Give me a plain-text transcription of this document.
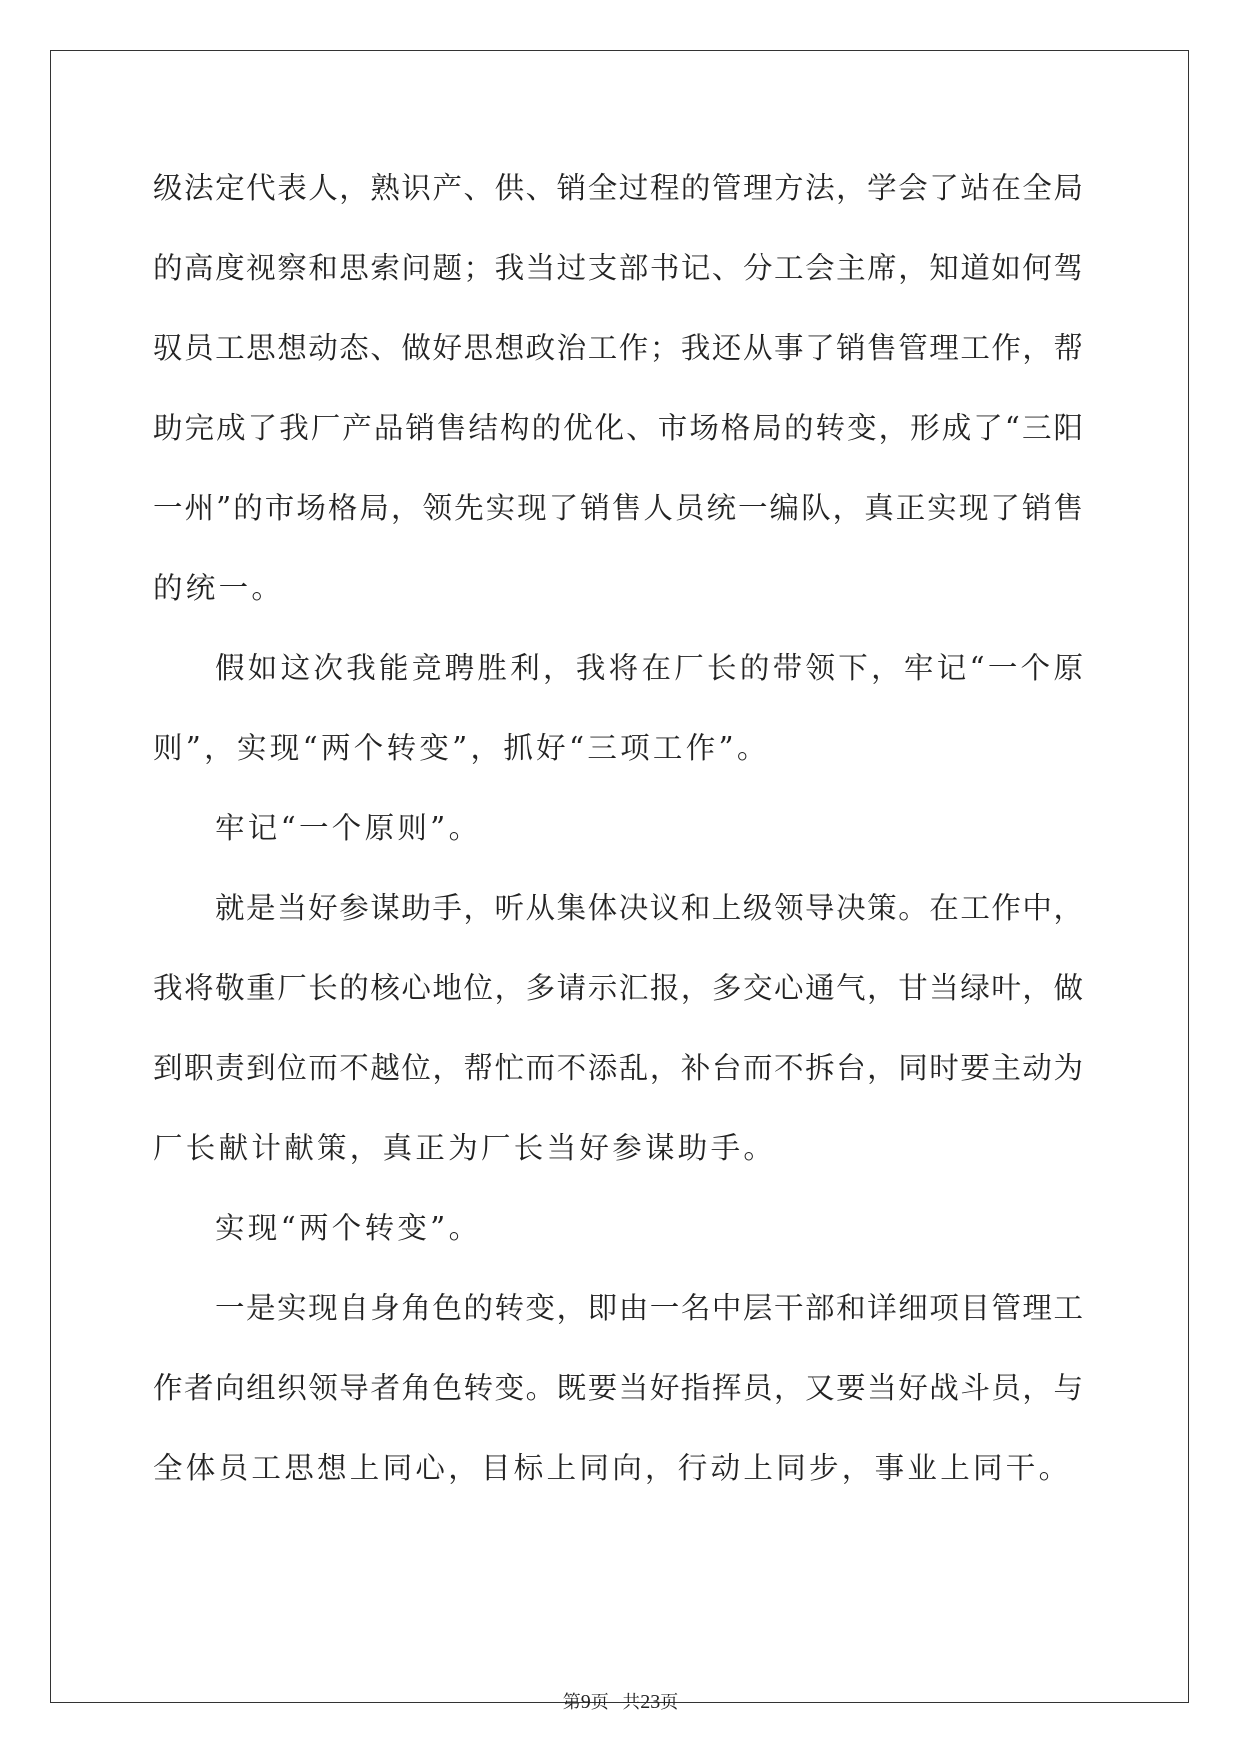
级法定代表人，熟识产、供、销全过程的管理方法，学会了站在全局
的高度视察和思索问题；我当过支部书记、分工会主席，知道如何驾
驭员工思想动态、做好思想政治工作；我还从事了销售管理工作，帮
助完成了我厂产品销售结构的优化、市场格局的转变，形成了“三阳
一州”的市场格局，领先实现了销售人员统一编队，真正实现了销售
的统一。
假如这次我能竞聘胜利，我将在厂长的带领下，牢记“一个原
则”，实现“两个转变”，抓好“三项工作”。
牢记“一个原则”。
就是当好参谋助手，听从集体决议和上级领导决策。在工作中，
我将敬重厂长的核心地位，多请示汇报，多交心通气，甘当绿叶，做
到职责到位而不越位，帮忙而不添乱，补台而不拆台，同时要主动为
厂长献计献策，真正为厂长当好参谋助手。
实现“两个转变”。
一是实现自身角色的转变，即由一名中层干部和详细项目管理工
作者向组织领导者角色转变。既要当好指挥员，又要当好战斗员，与
全体员工思想上同心，目标上同向，行动上同步，事业上同干。
第9页 共23页
